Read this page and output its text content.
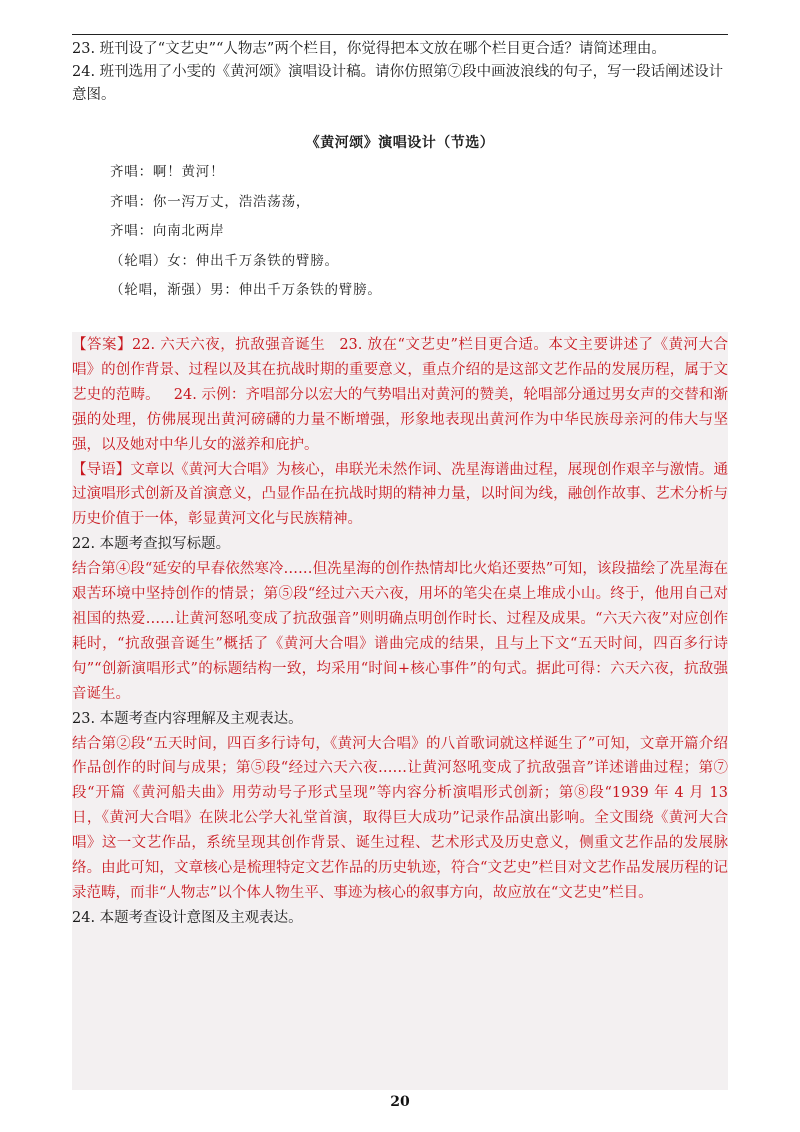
23. 班刊设了“文艺史”“人物志”两个栏目，你觉得把本文放在哪个栏目更合适？请简述理由。

24. 班刊选用了小雯的《黄河颂》演唱设计稿。请你仿照第⑦段中画波浪线的句子，写一段话阐述设计意图。

《黄河颂》演唱设计（节选）
齐唱：啊！黄河！
齐唱：你一泻万丈，浩浩荡荡，
齐唱：向南北两岸
（轮唱）女：伸出千万条铁的臂膀。
（轮唱，渐强）男：伸出千万条铁的臂膀。

【答案】22. 六天六夜，抗敌强音诞生 23. 放在“文艺史”栏目更合适。本文主要讲述了《黄河大合唱》的创作背景、过程以及其在抗战时期的重要意义，重点介绍的是这部文艺作品的发展历程，属于文艺史的范畴。 24. 示例：齐唱部分以宏大的气势唱出对黄河的赞美，轮唱部分通过男女声的交替和渐强的处理，仿佛展现出黄河磅礴的力量不断增强，形象地表现出黄河作为中华民族母亲河的伟大与坚强，以及她对中华儿女的滋养和庇护。

【导语】文章以《黄河大合唱》为核心，串联光未然作词、冼星海谱曲过程，展现创作艰辛与激情。通过演唱形式创新及首演意义，凸显作品在抗战时期的精神力量，以时间为线，融创作故事、艺术分析与历史价值于一体，彰显黄河文化与民族精神。

22. 本题考查拟写标题。

结合第④段“延安的早春依然寒冷……但冼星海的创作热情却比火焰还要热”可知，该段描绘了冼星海在艰苦环境中坚持创作的情景；第⑤段“经过六天六夜，用坏的笔尖在桌上堆成小山。终于，他用自己对祖国的热爱……让黄河怒吼变成了抗敌强音”则明确点明创作时长、过程及成果。“六天六夜”对应创作耗时，“抗敌强音诞生”概括了《黄河大合唱》谱曲完成的结果，且与上下文“五天时间，四百多行诗句”“创新演唱形式”的标题结构一致，均采用“时间+核心事件”的句式。据此可得：六天六夜，抗敌强音诞生。

23. 本题考查内容理解及主观表达。

结合第②段“五天时间，四百多行诗句，《黄河大合唱》的八首歌词就这样诞生了”可知，文章开篇介绍作品创作的时间与成果；第⑤段“经过六天六夜……让黄河怒吼变成了抗敌强音”详述谱曲过程；第⑦段“开篇《黄河船夫曲》用劳动号子形式呈现”等内容分析演唱形式创新；第⑧段“1939 年 4 月 13 日，《黄河大合唱》在陕北公学大礼堂首演，取得巨大成功”记录作品演出影响。全文围绕《黄河大合唱》这一文艺作品，系统呈现其创作背景、诞生过程、艺术形式及历史意义，侧重文艺作品的发展脉络。由此可知，文章核心是梳理特定文艺作品的历史轨迹，符合“文艺史”栏目对文艺作品发展历程的记录范畴，而非“人物志”以个体人物生平、事迹为核心的叙事方向，故应放在“文艺史”栏目。

24. 本题考查设计意图及主观表达。

20
